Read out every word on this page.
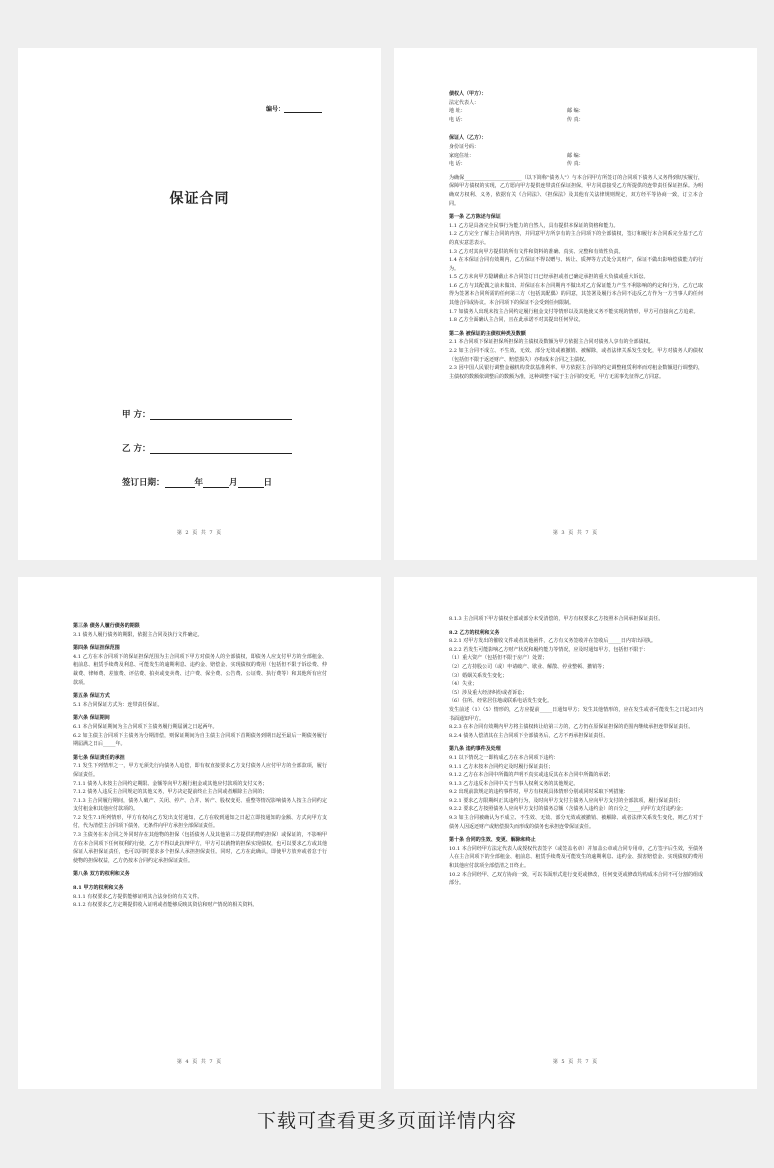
编号：
保证合同
甲 方：
乙 方：
签订日期：	年	月	日
第 2 页 共 7 页

债权人（甲方）：

法定代表人：

地 址：	邮 编：
电 话：	传 真：

保证人（乙方）：

身份证号码：

家庭住址：	邮 编：
电 话：	传 真：

为确保_______________________（以下简称"债务人"）与本合同甲方所签订的合同项下债务人义务得到切实履行，保障甲方债权的实现，乙方愿向甲方提供连带责任保证担保，甲方同意接受乙方所提供的连带责任保证担保。为明确双方权利、义务，依据有关《合同法》、《担保法》及其他有关法律规则规定，双方经平等协商一致，订立本合同。

第一条 乙方陈述与保证

1.1 乙方是具备完全民事行为能力的自然人，具有提供本保证的资格和能力。

1.2 乙方完全了解主合同的内容，并同意甲方所享有的主合同项下的全部债权，签订和履行本合同系完全基于乙方的真实意思表示。

1.3 乙方对其向甲方提供的所有文件和资料的准确、真实、完整和有效性负责。

1.4 在本保证合同有效期内，乙方保证不得以赠与、转让、质押等方式处分其财产，保证不做出影响偿债能力的行为。

1.5 乙方未向甲方隐瞒截止本合同签订日已经承担或者已确定承担的重大负债或重大诉讼。

1.6 乙方与其配偶之前未做出、并保证在本合同期内不做出对乙方保证能力产生不利影响的约定和行为，乙方已取得为签署本合同所需的任何第三方（包括其配偶）的同意，其签署及履行本合同不违反乙方作为一方当事人的任何其他合同或协议。本合同项下的保证不会受到任何限制。

1.7 如债务人出现未按主合同约定履行租金支付等情形以及其他使义务不能实现的情形，甲方可直接向乙方追索。

1.8 乙方全面确认主合同，且在此承诺不对其提出任何异议。

第二条 被保证的主债权种类及数额

2.1 本合同项下保证担保所担保的主债权及数额为甲方依据主合同对债务人享有的全部债权。

2.2 如主合同不成立、不生效、无效、部分无效或被撤销、被解除，或者法律关系发生变化，甲方对债务人的债权（包括但不限于返还财产、赔偿损失）亦构成本合同之主债权。

2.3 因中国人民银行调整金融机构贷款基准利率、甲方依据主合同的约定调整租赁利率而对租金数额进行调整的，主债权的数额依调整后的数额为准，这种调整不属于主合同的变更，甲方无需事先征得乙方同意。

第 3 页 共 7 页

第三条 债务人履行债务的期限

3.1 债务人履行债务的期限，依据主合同及执行文件确定。

第四条 保证担保范围

4.1 乙方在本合同项下的保证担保范围为主合同项下甲方对债务人的全部债权，即债务人应支付甲方的全部租金、租前息、租赁手续费及利息、可能发生的逾期利息、违约金、赔偿金、实现债权的费用（包括但不限于诉讼费、仲裁费、律师费、差旅费、评估费、拍卖或变卖费、过户费、保全费、公告费、公证费、执行费等）和其他所有应付款项。

第五条 保证方式

5.1 本合同保证方式为：连带责任保证。

第六条 保证期间

6.1 本合同保证期间为主合同项下主债务履行期届满之日起两年。

6.2 如主债主合同项下主债务为分期清偿，则保证期间为自主债主合同项下首期债务到期日起至最后一期债务履行期届满之日后_____年。

第七条 保证责任的承担

7.1 发生下列情形之一，甲方无须先行向债务人追偿，即有权直接要求乙方支付债务人应付甲方的全部款项，履行保证责任。

7.1.1 债务人未按主合同约定期限、金额等向甲方履行租金或其他应付款项的支付义务；

7.1.2 债务人违反主合同规定的其他义务，甲方决定提前终止主合同或者解除主合同的；

7.1.3 主合同履行期间，债务人破产、关闭、停产、合并、转产、股权变更、重整等情况影响债务人按主合同约定支付租金和其他应付款项的。

7.2 发生7.1所列情形，甲方有权向乙方发出支付通知，乙方在收到通知之日起立即按通知的金额、方式向甲方支付，代为清偿主合同项下债务，无条件向甲方承担全部保证责任。

7.3 主债务在本合同之外同时存在其他物的担保（包括债务人及其他第三方提供的物的担保）或保证的，不影响甲方在本合同项下任何权利的行使，乙方不得以此抗辩甲方，甲方可以就物的担保实现债权，也可以要求乙方或其他保证人承担保证责任，也可以同时要求多个担保人承担担保责任。同时，乙方在此确认，即使甲方放弃或者怠于行使物的担保权益，乙方仍按本合同约定承担保证责任。

第八条 双方的权利和义务

8.1 甲方的权利和义务

8.1.1 有权要求乙方提供能够证明其合法身份的有关文件。

8.1.2 有权要求乙方定期提供收入证明或者能够反映其资信和财产情况的相关资料。

第 4 页 共 7 页

8.1.3 主合同项下甲方债权全部或部分未受清偿的，甲方有权要求乙方按照本合同承担保证责任。

8.2 乙方的权利和义务

8.2.1 对甲方发出的催收文件或者其他函件，乙方有义务签收并在签收后_____日内寄出回执。

8.2.2 若发生可能影响乙方财产状况和履约能力等情况，应及时通知甲方，包括但不限于：

（1）重大资产（包括但不限于房产）处置；

（2）乙方持股公司（或）申请破产、歇业、解散、停业整顿、撤销等；

（3）婚姻关系发生变化；

（4）失业；

（5）涉及重大经济纠纷或者诉讼；

（6）住所、经常居住地或联系电话发生变化。

发生前述（1）（5）情形的，乙方应提前_____日通知甲方；发生其他情形的，应在发生或者可能发生之日起3日内书面通知甲方。

8.2.3 在本合同有效期内甲方将主债权转让给第三方的，乙方仍在原保证担保的范围内继续承担连带保证责任。

8.2.4 债务人偿清其在主合同项下全部债务后，乙方不再承担保证责任。

第九条 违约事件及处理

9.1 以下情况之一即构成乙方在本合同项下违约：

9.1.1 乙方未按本合同约定及时履行保证责任；

9.1.2 乙方在本合同中所做的声明不真实或违反其在本合同中所做的承诺；

9.1.3 乙方违反本合同中关于当事人权利义务的其他规定。

9.2 出现前款规定的违约事件时，甲方有权视具体情形分别或同时采取下列措施：

9.2.1 要求乙方限期纠正其违约行为，及时向甲方支付主债务人应向甲方支付的全部款项，履行保证责任；

9.2.2 要求乙方按照债务人应向甲方支付的债务总额（含债务人违约金）的百分之_____向甲方支付违约金；

9.3 如主合同被确认为不成立、不生效、无效、部分无效或被撤销、被解除、或者法律关系发生变化，则乙方对于债务人因返还财产或赔偿损失而形成的债务也承担连带保证责任。

第十条 合同的生效、变更、解除和终止

10.1 本合同经甲方法定代表人或授权代表签字（或签盖名章）并加盖公章或合同专用章，乙方签字后生效，至债务人在主合同项下的全部租金、租前息、租赁手续费及可能发生的逾期利息、违约金、损害赔偿金、实现债权的费用和其他应付款项全部偿清之日终止。

10.2 本合同经甲、乙双方协商一致，可以书面形式进行变更或修改，任何变更或修改均构成本合同不可分割的组成部分。

第 5 页 共 7 页
下载可查看更多页面详情内容
